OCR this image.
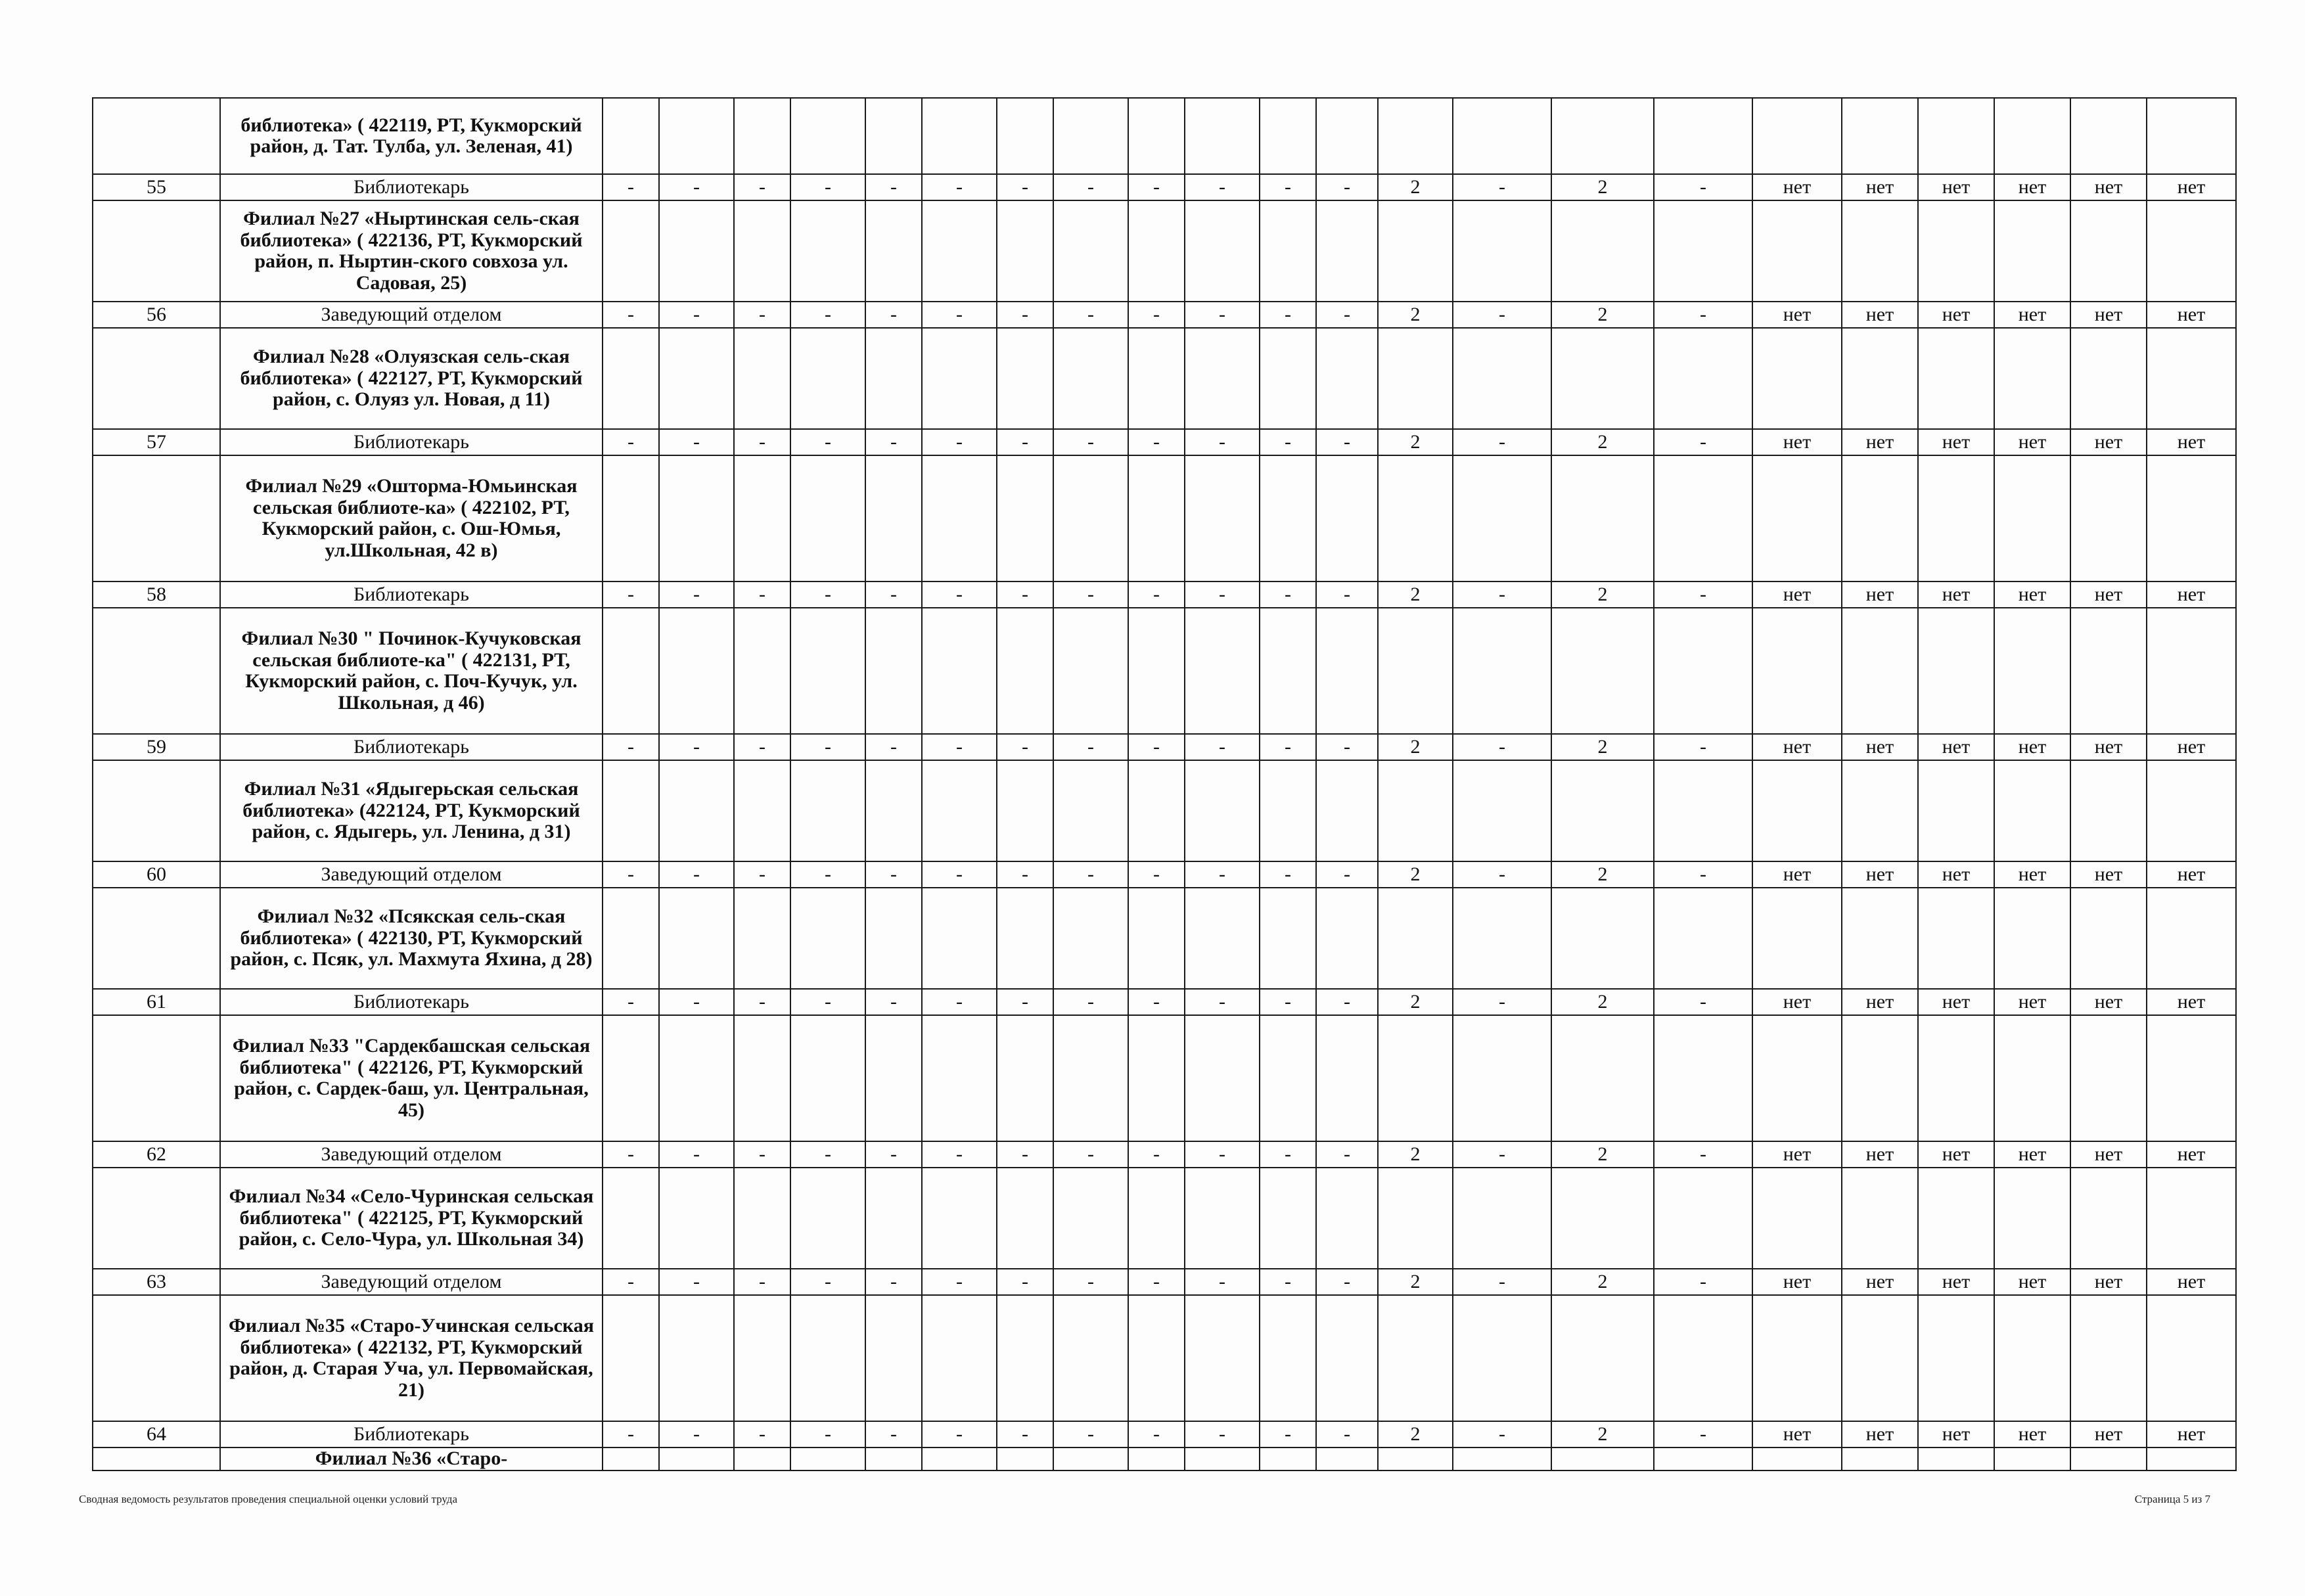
	библиотека» ( 422119, РТ, Кукморский район, д. Тат. Тулба, ул. Зеленая, 41)																						
55	Библиотекарь	-	-	-	-	-	-	-	-	-	-	-	-	2	-	2	-	нет	нет	нет	нет	нет	нет
	Филиал №27 «Ныртинская сель-ская библиотека» ( 422136, РТ, Кукморский район, п. Ныртин-ского совхоза ул. Садовая, 25)																						
56	Заведующий отделом	-	-	-	-	-	-	-	-	-	-	-	-	2	-	2	-	нет	нет	нет	нет	нет	нет
	Филиал №28 «Олуязская сель-ская библиотека» ( 422127, РТ, Кукморский район, с. Олуяз ул. Новая, д 11)																						
57	Библиотекарь	-	-	-	-	-	-	-	-	-	-	-	-	2	-	2	-	нет	нет	нет	нет	нет	нет
	Филиал №29 «Ошторма-Юмьинская сельская библиоте-ка» ( 422102, РТ, Кукморский район, с. Ош-Юмья, ул.Школьная, 42 в)																						
58	Библиотекарь	-	-	-	-	-	-	-	-	-	-	-	-	2	-	2	-	нет	нет	нет	нет	нет	нет
	Филиал №30 " Починок-Кучуковская сельская библиоте-ка" ( 422131, РТ, Кукморский район, с. Поч-Кучук, ул. Школьная, д 46)																						
59	Библиотекарь	-	-	-	-	-	-	-	-	-	-	-	-	2	-	2	-	нет	нет	нет	нет	нет	нет
	Филиал №31 «Ядыгерьская сельская библиотека» (422124, РТ, Кукморский район, с. Ядыгерь, ул. Ленина, д 31)																						
60	Заведующий отделом	-	-	-	-	-	-	-	-	-	-	-	-	2	-	2	-	нет	нет	нет	нет	нет	нет
	Филиал №32 «Псякская сель-ская библиотека» ( 422130, РТ, Кукморский район, с. Псяк, ул. Махмута Яхина, д 28)																						
61	Библиотекарь	-	-	-	-	-	-	-	-	-	-	-	-	2	-	2	-	нет	нет	нет	нет	нет	нет
	Филиал №33 "Сардекбашская сельская библиотека" ( 422126, РТ, Кукморский район, с. Сардек-баш, ул. Центральная, 45)																						
62	Заведующий отделом	-	-	-	-	-	-	-	-	-	-	-	-	2	-	2	-	нет	нет	нет	нет	нет	нет
	Филиал №34 «Село-Чуринская сельская библиотека" ( 422125, РТ, Кукморский район, с. Село-Чура, ул. Школьная 34)																						
63	Заведующий отделом	-	-	-	-	-	-	-	-	-	-	-	-	2	-	2	-	нет	нет	нет	нет	нет	нет
	Филиал №35 «Старо-Учинская сельская библиотека» ( 422132, РТ, Кукморский район, д. Старая Уча, ул. Первомайская, 21)																						
64	Библиотекарь	-	-	-	-	-	-	-	-	-	-	-	-	2	-	2	-	нет	нет	нет	нет	нет	нет
	Филиал №36 «Старо-																						
Сводная ведомость результатов проведения специальной оценки условий труда	Страница 5 из 7
